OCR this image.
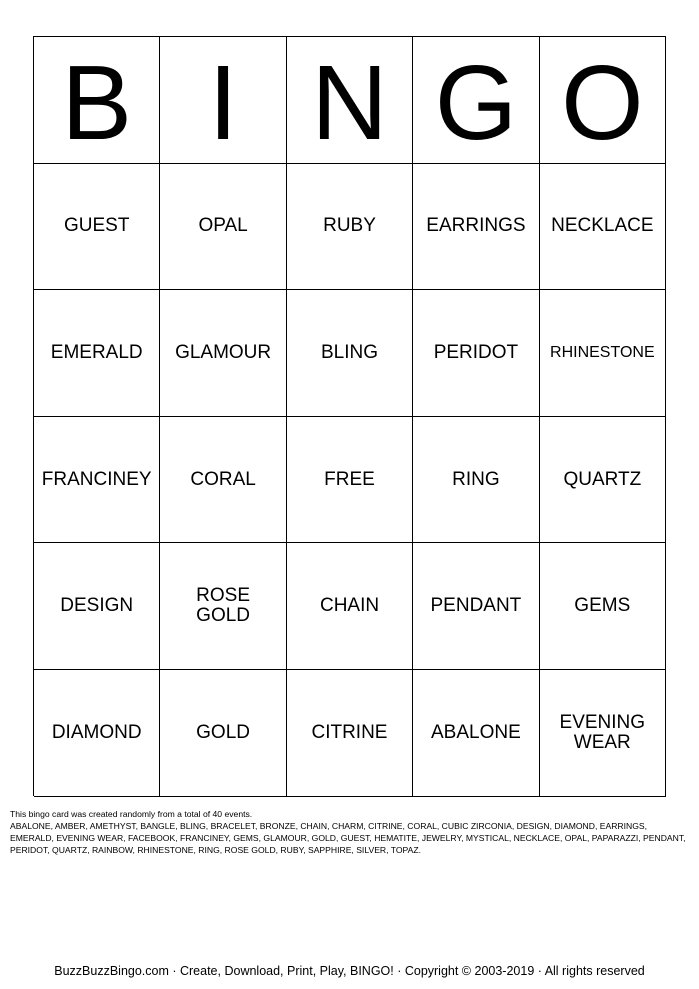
B I N G O
GUEST	OPAL	RUBY	EARRINGS	NECKLACE
EMERALD	GLAMOUR	BLING	PERIDOT	RHINESTONE
FRANCINEY	CORAL	FREE	RING	QUARTZ
DESIGN	ROSE GOLD	CHAIN	PENDANT	GEMS
DIAMOND	GOLD	CITRINE	ABALONE	EVENING WEAR
This bingo card was created randomly from a total of 40 events.
ABALONE, AMBER, AMETHYST, BANGLE, BLING, BRACELET, BRONZE, CHAIN, CHARM, CITRINE, CORAL, CUBIC ZIRCONIA, DESIGN, DIAMOND, EARRINGS, EMERALD, EVENING WEAR, FACEBOOK, FRANCINEY, GEMS, GLAMOUR, GOLD, GUEST, HEMATITE, JEWELRY, MYSTICAL, NECKLACE, OPAL, PAPARAZZI, PENDANT, PERIDOT, QUARTZ, RAINBOW, RHINESTONE, RING, ROSE GOLD, RUBY, SAPPHIRE, SILVER, TOPAZ.
BuzzBuzzBingo.com · Create, Download, Print, Play, BINGO! · Copyright © 2003-2019 · All rights reserved
